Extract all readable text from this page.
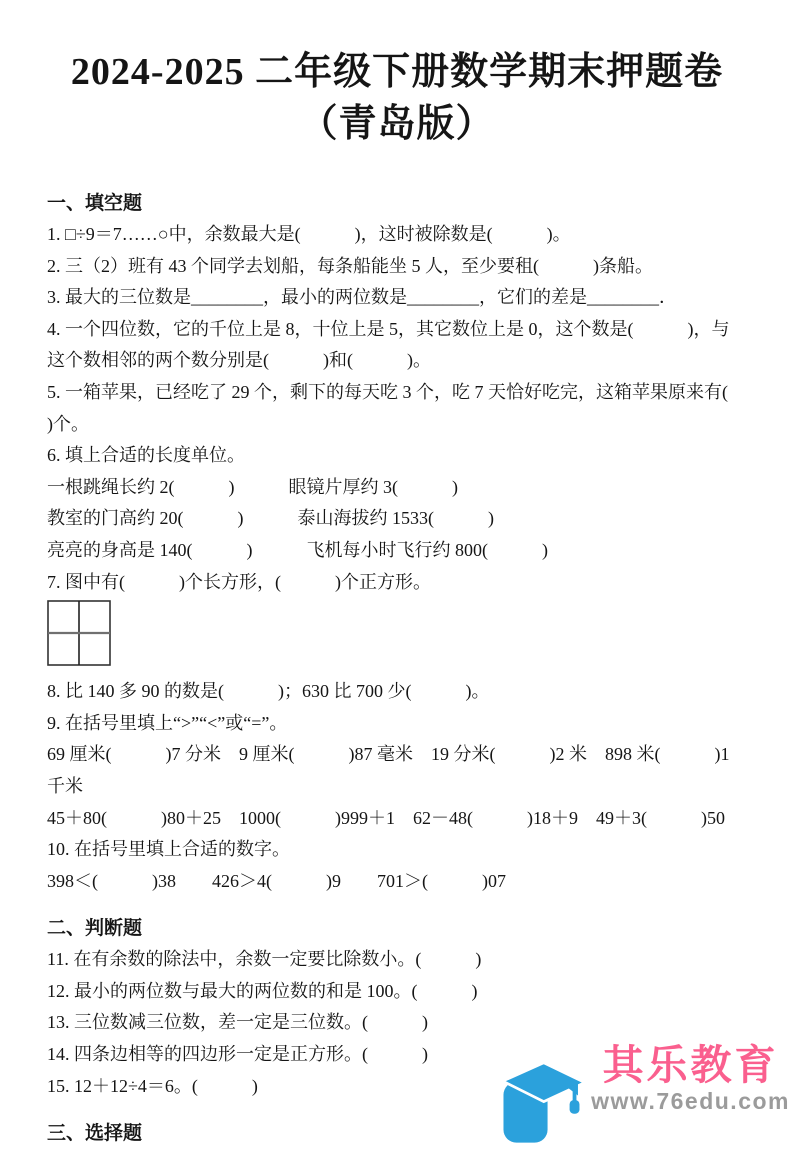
2024-2025 二年级下册数学期末押题卷
（青岛版）

一、填空题

1. □÷9＝7……○中，余数最大是(　　　)，这时被除数是(　　　)。

2. 三（2）班有 43 个同学去划船，每条船能坐 5 人，至少要租(　　　)条船。

3. 最大的三位数是________，最小的两位数是________，它们的差是________．

4. 一个四位数，它的千位上是 8，十位上是 5，其它数位上是 0，这个数是(　　　)，与这个数相邻的两个数分别是(　　　)和(　　　)。

5. 一箱苹果，已经吃了 29 个，剩下的每天吃 3 个，吃 7 天恰好吃完，这箱苹果原来有(　　　)个。

6. 填上合适的长度单位。

一根跳绳长约 2(　　　)　　　眼镜片厚约 3(　　　)

教室的门高约 20(　　　)　　　泰山海拔约 1533(　　　)

亮亮的身高是 140(　　　)　　　飞机每小时飞行约 800(　　　)

7. 图中有(　　　)个长方形，(　　　)个正方形。

8. 比 140 多 90 的数是(　　　)；630 比 700 少(　　　)。

9. 在括号里填上“>”“<”或“=”。

69 厘米(　　　)7 分米　9 厘米(　　　)87 毫米　19 分米(　　　)2 米　898 米(　　　)1 千米

45＋80(　　　)80＋25　1000(　　　)999＋1　62－48(　　　)18＋9　49＋3(　　　)50

10. 在括号里填上合适的数字。

398＜(　　　)38　　426＞4(　　　)9　　701＞(　　　)07

二、判断题

11. 在有余数的除法中，余数一定要比除数小。(　　　)

12. 最小的两位数与最大的两位数的和是 100。(　　　)

13. 三位数减三位数，差一定是三位数。(　　　)

14. 四条边相等的四边形一定是正方形。(　　　)

15. 12＋12÷4＝6。(　　　)

三、选择题

其乐教育
www.76edu.com
